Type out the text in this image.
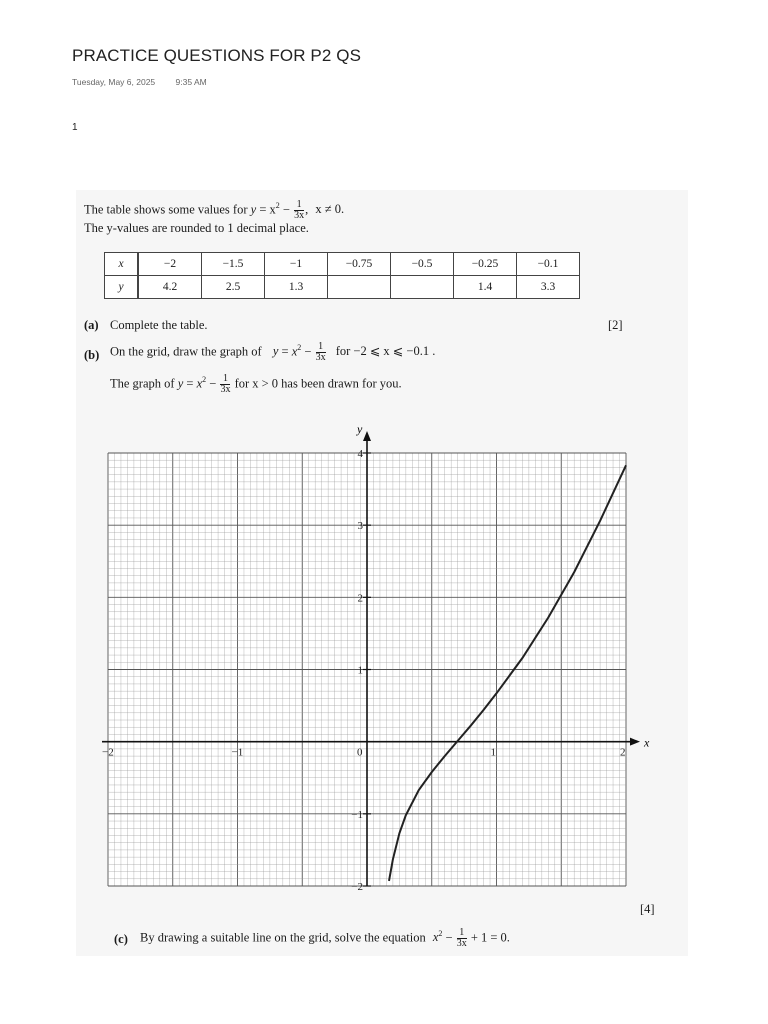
PRACTICE QUESTIONS FOR P2 QS
Tuesday, May 6, 2025 9:35 AM
1
The table shows some values for $y = x^2 - \frac{1}{3x}$ , x ≠ 0.
The y-values are rounded to 1 decimal place.
x	−2	−1.5	−1	−0.75	−0.5	−0.25	−0.1
y	4.2	2.5	1.3			1.4	3.3
(a) Complete the table.	[2]
(b) On the grid, draw the graph of $y = x^2 - \frac{1}{3x}$ for −2 ⩽ x ⩽ −0.1 .
The graph of $y = x^2 - \frac{1}{3x}$ for x > 0 has been drawn for you.
x
y
−2	−1	0	1	2
−2
−1
1
2
3
4
[4]
(c) By drawing a suitable line on the grid, solve the equation $x^2 - \frac{1}{3x} + 1 = 0$.
